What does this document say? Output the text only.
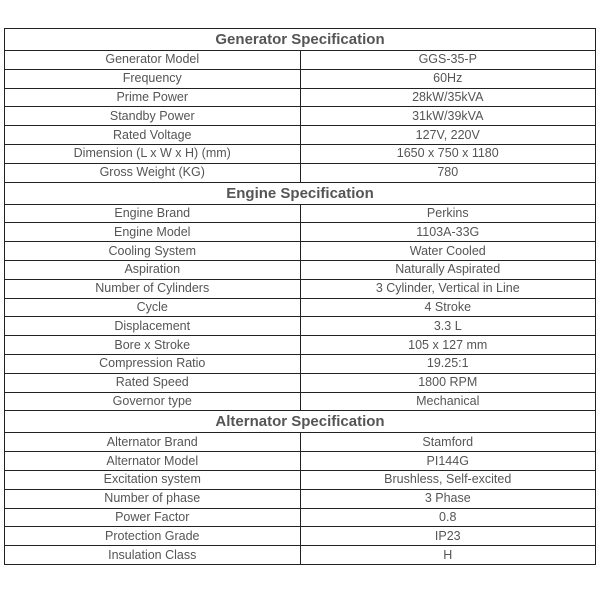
Generator Specification	
Generator Model	GGS-35-P
Frequency	60Hz
Prime Power	28kW/35kVA
Standby Power	31kW/39kVA
Rated Voltage	127V, 220V
Dimension (L x W x H) (mm)	1650 x 750 x 1180
Gross Weight (KG)	780
Engine Specification	
Engine Brand	Perkins
Engine Model	1103A-33G
Cooling System	Water Cooled
Aspiration	Naturally Aspirated
Number of Cylinders	3 Cylinder, Vertical in Line
Cycle	4 Stroke
Displacement	3.3 L
Bore x Stroke	105 x 127 mm
Compression Ratio	19.25:1
Rated Speed	1800 RPM
Governor type	Mechanical
Alternator Specification	
Alternator Brand	Stamford
Alternator Model	PI144G
Excitation system	Brushless, Self-excited
Number of phase	3 Phase
Power Factor	0.8
Protection Grade	IP23
Insulation Class	H
